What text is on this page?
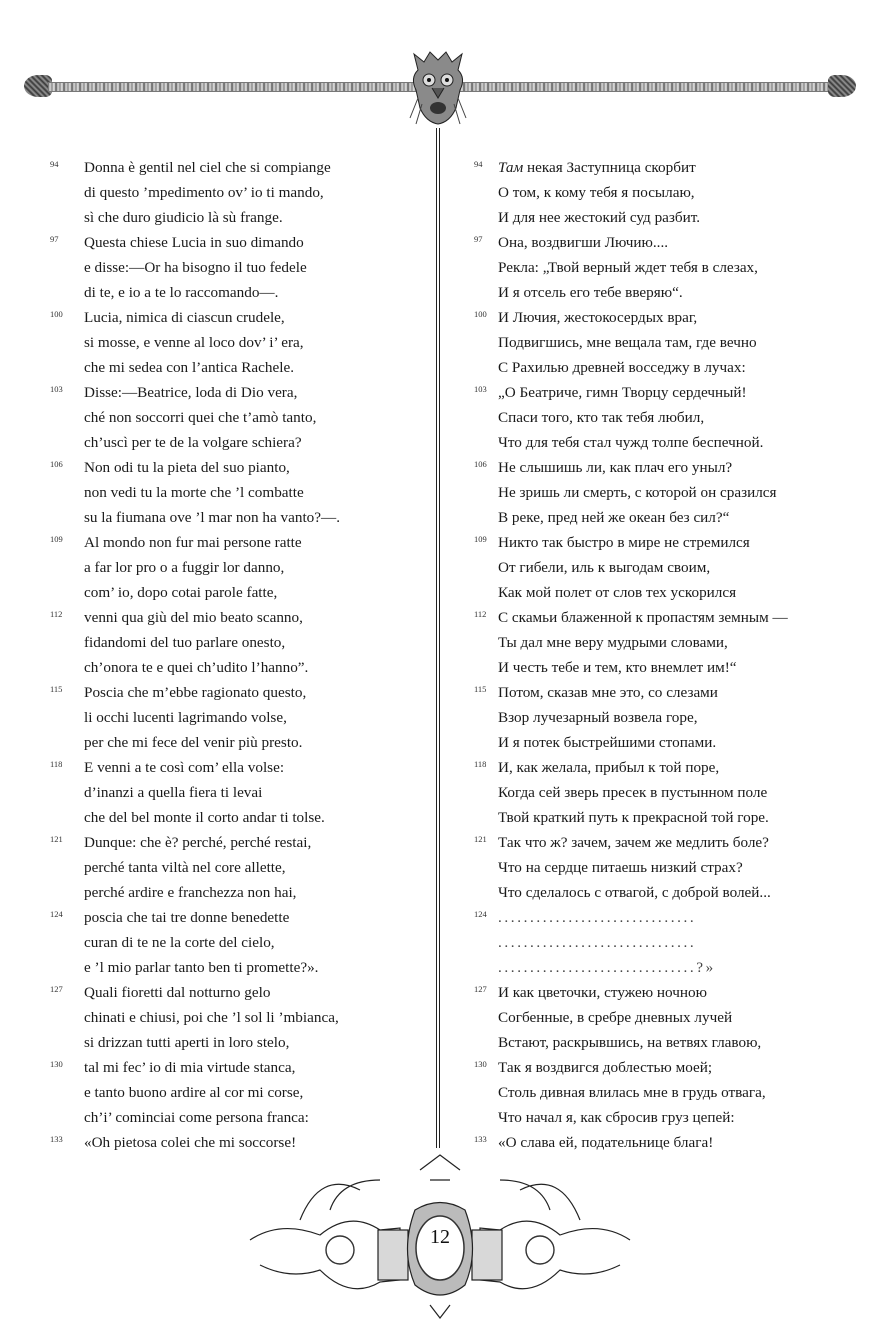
94	Donna è gentil nel ciel che si compiange
di questo ’mpedimento ov’ io ti mando,
sì che duro giudicio là sù frange.
97	Questa chiese Lucia in suo dimando
e disse:—Or ha bisogno il tuo fedele
di te, e io a te lo raccomando—.
100	Lucia, nimica di ciascun crudele,
si mosse, e venne al loco dov’ i’ era,
che mi sedea con l’antica Rachele.
103	Disse:—Beatrice, loda di Dio vera,
ché non soccorri quei che t’amò tanto,
ch’uscì per te de la volgare schiera?
106	Non odi tu la pieta del suo pianto,
non vedi tu la morte che ’l combatte
su la fiumana ove ’l mar non ha vanto?—.
109	Al mondo non fur mai persone ratte
a far lor pro o a fuggir lor danno,
com’ io, dopo cotai parole fatte,
112	venni qua giù del mio beato scanno,
fidandomi del tuo parlare onesto,
ch’onora te e quei ch’udito l’hanno”.
115	Poscia che m’ebbe ragionato questo,
li occhi lucenti lagrimando volse,
per che mi fece del venir più presto.
118	E venni a te così com’ ella volse:
d’inanzi a quella fiera ti levai
che del bel monte il corto andar ti tolse.
121	Dunque: che è? perché, perché restai,
perché tanta viltà nel core allette,
perché ardire e franchezza non hai,
124	poscia che tai tre donne benedette
curan di te ne la corte del cielo,
e ’l mio parlar tanto ben ti promette?».
127	Quali fioretti dal notturno gelo
chinati e chiusi, poi che ’l sol li ’mbianca,
si drizzan tutti aperti in loro stelo,
130	tal mi fec’ io di mia virtude stanca,
e tanto buono ardire al cor mi corse,
ch’i’ cominciai come persona franca:
133	«Oh pietosa colei che mi soccorse!
94	Там некая Заступница скорбит
О том, к кому тебя я посылаю,
И для нее жестокий суд разбит.
97	Она, воздвигши Лючию....
Рекла: „Твой верный ждет тебя в слезах,
И я отсель его тебе вверяю“.
100 И Лючия, жестокосердых враг,
Подвигшись, мне вещала там, где вечно
С Рахилью древней восседжу в лучах:
103 „О Беатриче, гимн Творцу сердечный!
Спаси того, кто так тебя любил,
Что для тебя стал чужд толпе беспечной.
106 Не слышишь ли, как плач его уныл?
Не зришь ли смерть, с которой он сразился
В реке, пред ней же океан без сил?“
109 Никто так быстро в мире не стремился
От гибели, иль к выгодам своим,
Как мой полет от слов тех ускорился
112 С скамьи блаженной к пропастям земным —
Ты дал мне веру мудрыми словами,
И честь тебе и тем, кто внемлет им!“
115 Потом, сказав мне это, со слезами
Взор лучезарный возвела горе,
И я потек быстрейшими стопами.
118 И, как желала, прибыл к той поре,
Когда сей зверь пресек в пустынном поле
Твой краткий путь к прекрасной той горе.
121 Так что ж? зачем, зачем же медлить боле?
Что на сердце питаешь низкий страх?
Что сделалось с отвагой, с доброй волей...
124 ...............................
...............................
...............................?»
127 И как цветочки, стужею ночною
Согбенные, в сребре дневных лучей
Встают, раскрывшись, на ветвях главою,
130 Так я воздвигся доблестью моей;
Столь дивная влилась мне в грудь отвага,
Что начал я, как сбросив груз цепей:
133 «О слава ей, подательнице блага!
12
